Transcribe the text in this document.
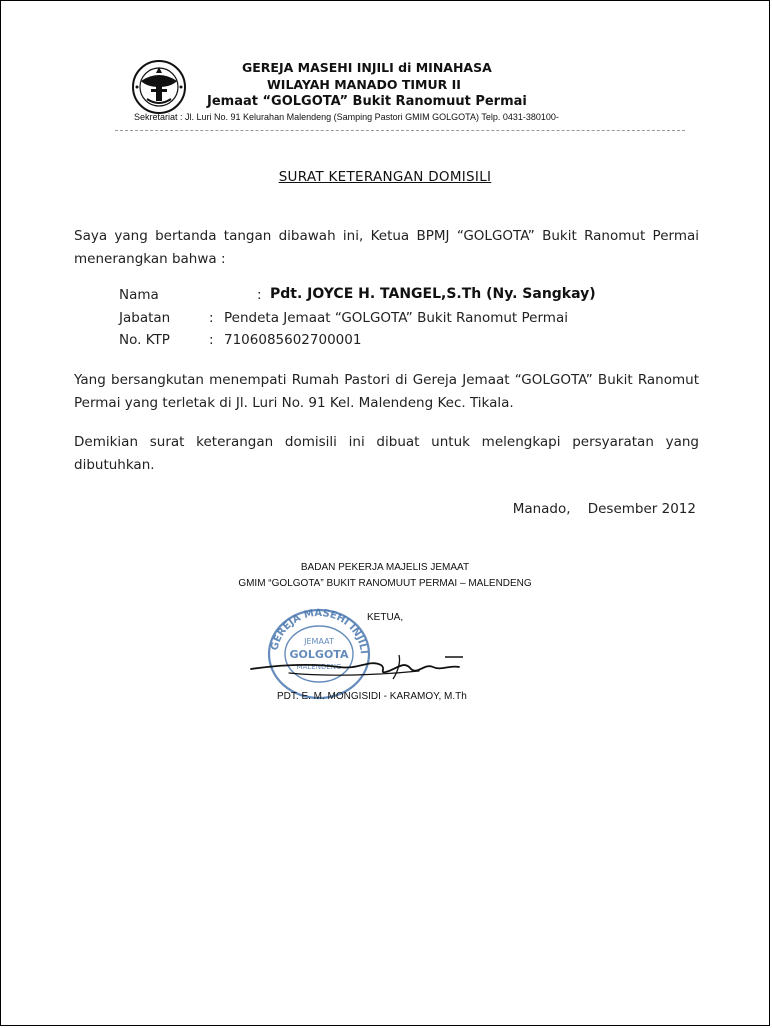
GEREJA MASEHI INJILI di MINAHASA
WILAYAH MANADO TIMUR II
Jemaat “GOLGOTA” Bukit Ranomuut Permai
Sekretariat : Jl. Luri No. 91 Kelurahan Malendeng (Samping Pastori GMIM GOLGOTA) Telp. 0431-380100-
SURAT KETERANGAN DOMISILI
Saya yang bertanda tangan dibawah ini, Ketua BPMJ “GOLGOTA” Bukit Ranomut Permai menerangkan bahwa :
Nama	: Pdt. JOYCE H. TANGEL,S.Th (Ny. Sangkay)
Jabatan	: Pendeta Jemaat “GOLGOTA” Bukit Ranomut Permai
No. KTP	: 7106085602700001
Yang bersangkutan menempati Rumah Pastori di Gereja Jemaat “GOLGOTA” Bukit Ranomut Permai yang terletak di Jl. Luri No. 91 Kel. Malendeng Kec. Tikala.
Demikian surat keterangan domisili ini dibuat untuk melengkapi persyaratan yang dibutuhkan.
Manado,    Desember 2012
BADAN PEKERJA MAJELIS JEMAAT
GMIM “GOLGOTA” BUKIT RANOMUUT PERMAI – MALENDENG
GEREJA MASEHI INJILI
JEMAAT
GOLGOTA
MALENDENG
KETUA,
PDT. E. M. MONGISIDI - KARAMOY, M.Th
